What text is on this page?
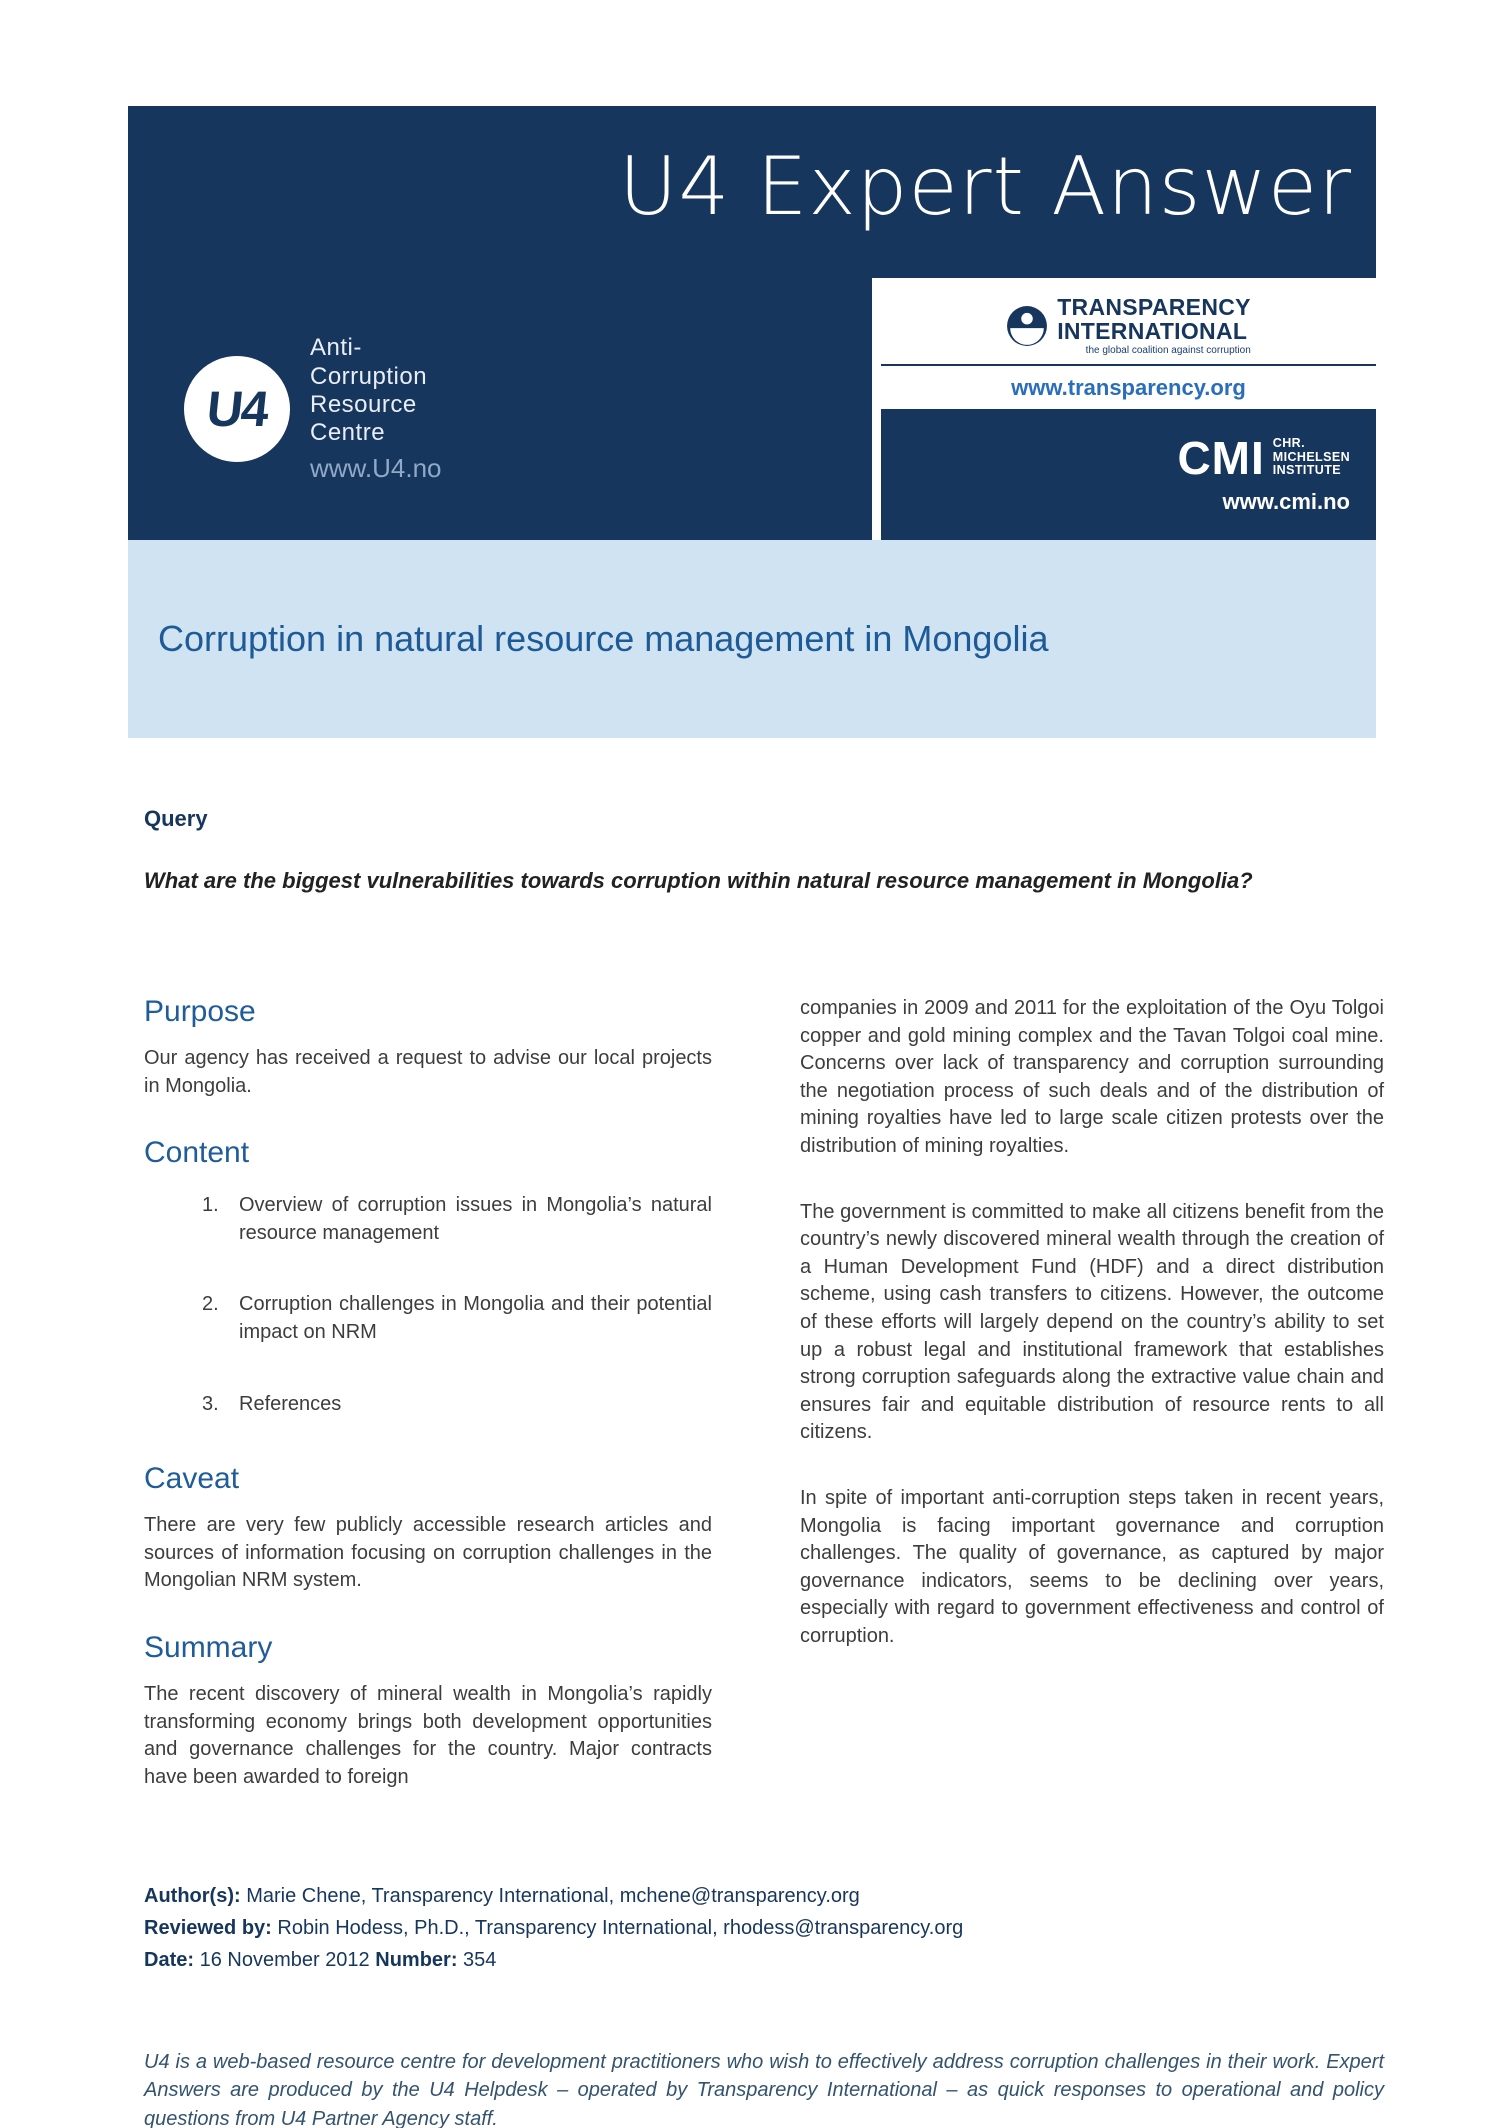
U4 Expert Answer
U4
Anti-
Corruption
Resource
Centre
www.U4.no
TRANSPARENCY
INTERNATIONAL
the global coalition against corruption
www.transparency.org
CMI CHR.
MICHELSEN
INSTITUTE
www.cmi.no
Corruption in natural resource management in Mongolia
Query

What are the biggest vulnerabilities towards corruption within natural resource management in Mongolia?

Purpose

Our agency has received a request to advise our local projects in Mongolia.

Content
1.	Overview of corruption issues in Mongolia’s natural resource management
2.	Corruption challenges in Mongolia and their potential impact on NRM
3.	References
Caveat

There are very few publicly accessible research articles and sources of information focusing on corruption challenges in the Mongolian NRM system.

Summary

The recent discovery of mineral wealth in Mongolia’s rapidly transforming economy brings both development opportunities and governance challenges for the country. Major contracts have been awarded to foreign

companies in 2009 and 2011 for the exploitation of the Oyu Tolgoi copper and gold mining complex and the Tavan Tolgoi coal mine. Concerns over lack of transparency and corruption surrounding the negotiation process of such deals and of the distribution of mining royalties have led to large scale citizen protests over the distribution of mining royalties.

The government is committed to make all citizens benefit from the country’s newly discovered mineral wealth through the creation of a Human Development Fund (HDF) and a direct distribution scheme, using cash transfers to citizens. However, the outcome of these efforts will largely depend on the country’s ability to set up a robust legal and institutional framework that establishes strong corruption safeguards along the extractive value chain and ensures fair and equitable distribution of resource rents to all citizens.

In spite of important anti-corruption steps taken in recent years, Mongolia is facing important governance and corruption challenges. The quality of governance, as captured by major governance indicators, seems to be declining over years, especially with regard to government effectiveness and control of corruption.

Author(s): Marie Chene, Transparency International, mchene@transparency.org
Reviewed by: Robin Hodess, Ph.D., Transparency International, rhodess@transparency.org
Date: 16 November 2012 Number: 354

U4 is a web-based resource centre for development practitioners who wish to effectively address corruption challenges in their work. Expert Answers are produced by the U4 Helpdesk – operated by Transparency International – as quick responses to operational and policy questions from U4 Partner Agency staff.
